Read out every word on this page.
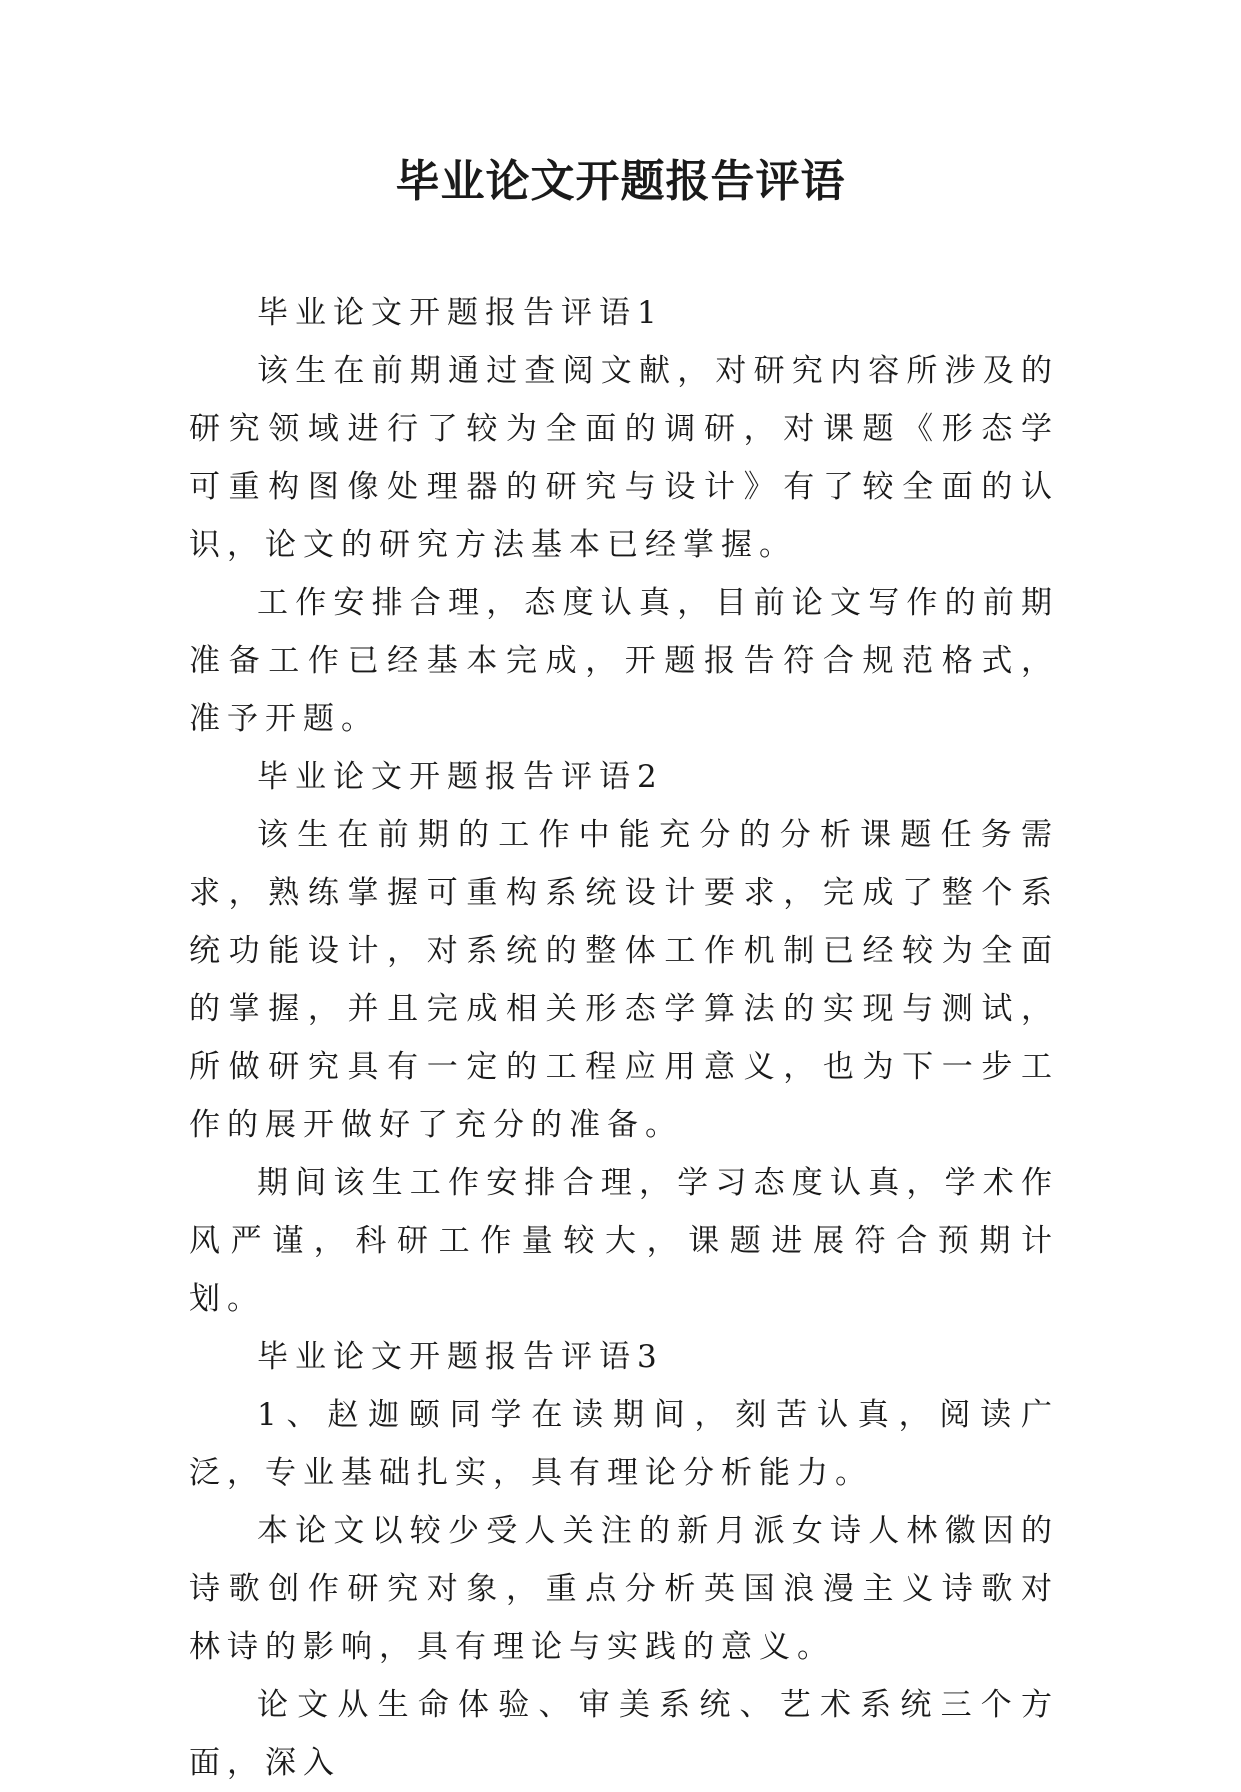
毕业论文开题报告评语

毕业论文开题报告评语1

该生在前期通过查阅文献，对研究内容所涉及的研究领域进行了较为全面的调研，对课题《形态学可重构图像处理器的研究与设计》有了较全面的认识，论文的研究方法基本已经掌握。

工作安排合理，态度认真，目前论文写作的前期准备工作已经基本完成，开题报告符合规范格式，准予开题。

毕业论文开题报告评语2

该生在前期的工作中能充分的分析课题任务需求，熟练掌握可重构系统设计要求，完成了整个系统功能设计，对系统的整体工作机制已经较为全面的掌握，并且完成相关形态学算法的实现与测试，所做研究具有一定的工程应用意义，也为下一步工作的展开做好了充分的准备。

期间该生工作安排合理，学习态度认真，学术作风严谨，科研工作量较大，课题进展符合预期计划。

毕业论文开题报告评语3

1、赵迦颐同学在读期间，刻苦认真，阅读广泛，专业基础扎实，具有理论分析能力。

本论文以较少受人关注的新月派女诗人林徽因的诗歌创作研究对象，重点分析英国浪漫主义诗歌对林诗的影响，具有理论与实践的意义。

论文从生命体验、审美系统、艺术系统三个方面，深入
